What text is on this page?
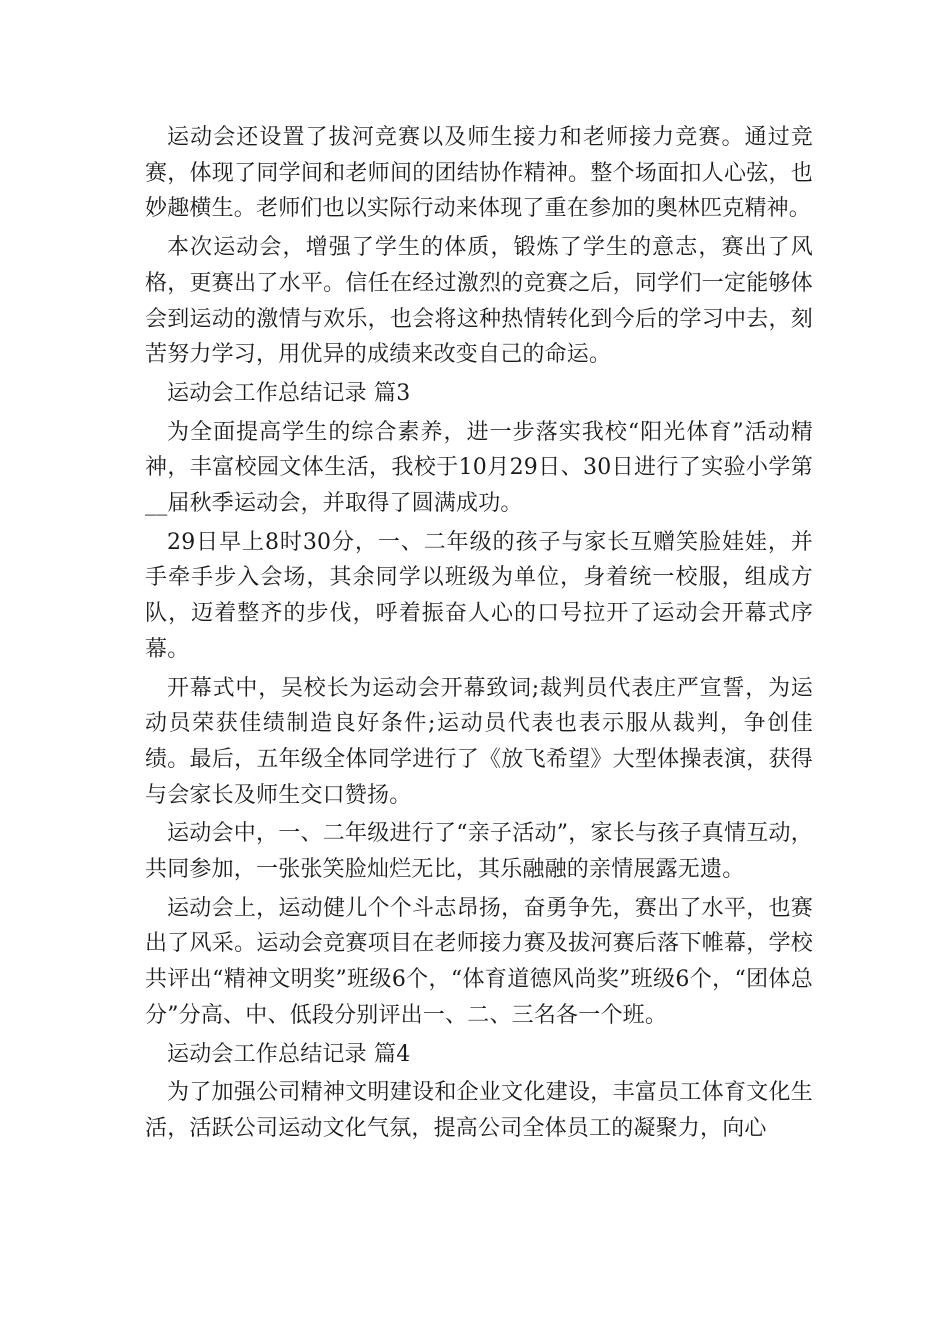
运动会还设置了拔河竞赛以及师生接力和老师接力竞赛。通过竞赛，体现了同学间和老师间的团结协作精神。整个场面扣人心弦，也妙趣横生。老师们也以实际行动来体现了重在参加的奥林匹克精神。

本次运动会，增强了学生的体质，锻炼了学生的意志，赛出了风格，更赛出了水平。信任在经过激烈的竞赛之后，同学们一定能够体会到运动的激情与欢乐，也会将这种热情转化到今后的学习中去，刻苦努力学习，用优异的成绩来改变自己的命运。

运动会工作总结记录 篇3

为全面提高学生的综合素养，进一步落实我校“阳光体育”活动精神，丰富校园文体生活，我校于10月29日、30日进行了实验小学第__届秋季运动会，并取得了圆满成功。

29日早上8时30分，一、二年级的孩子与家长互赠笑脸娃娃，并手牵手步入会场，其余同学以班级为单位，身着统一校服，组成方队，迈着整齐的步伐，呼着振奋人心的口号拉开了运动会开幕式序幕。

开幕式中，吴校长为运动会开幕致词;裁判员代表庄严宣誓，为运动员荣获佳绩制造良好条件;运动员代表也表示服从裁判，争创佳绩。最后，五年级全体同学进行了《放飞希望》大型体操表演，获得与会家长及师生交口赞扬。

运动会中，一、二年级进行了“亲子活动”，家长与孩子真情互动，共同参加，一张张笑脸灿烂无比，其乐融融的亲情展露无遗。

运动会上，运动健儿个个斗志昂扬，奋勇争先，赛出了水平，也赛出了风采。运动会竞赛项目在老师接力赛及拔河赛后落下帷幕，学校共评出“精神文明奖”班级6个，“体育道德风尚奖”班级6个，“团体总分”分高、中、低段分别评出一、二、三名各一个班。

运动会工作总结记录 篇4

为了加强公司精神文明建设和企业文化建设，丰富员工体育文化生活，活跃公司运动文化气氛，提高公司全体员工的凝聚力，向心
